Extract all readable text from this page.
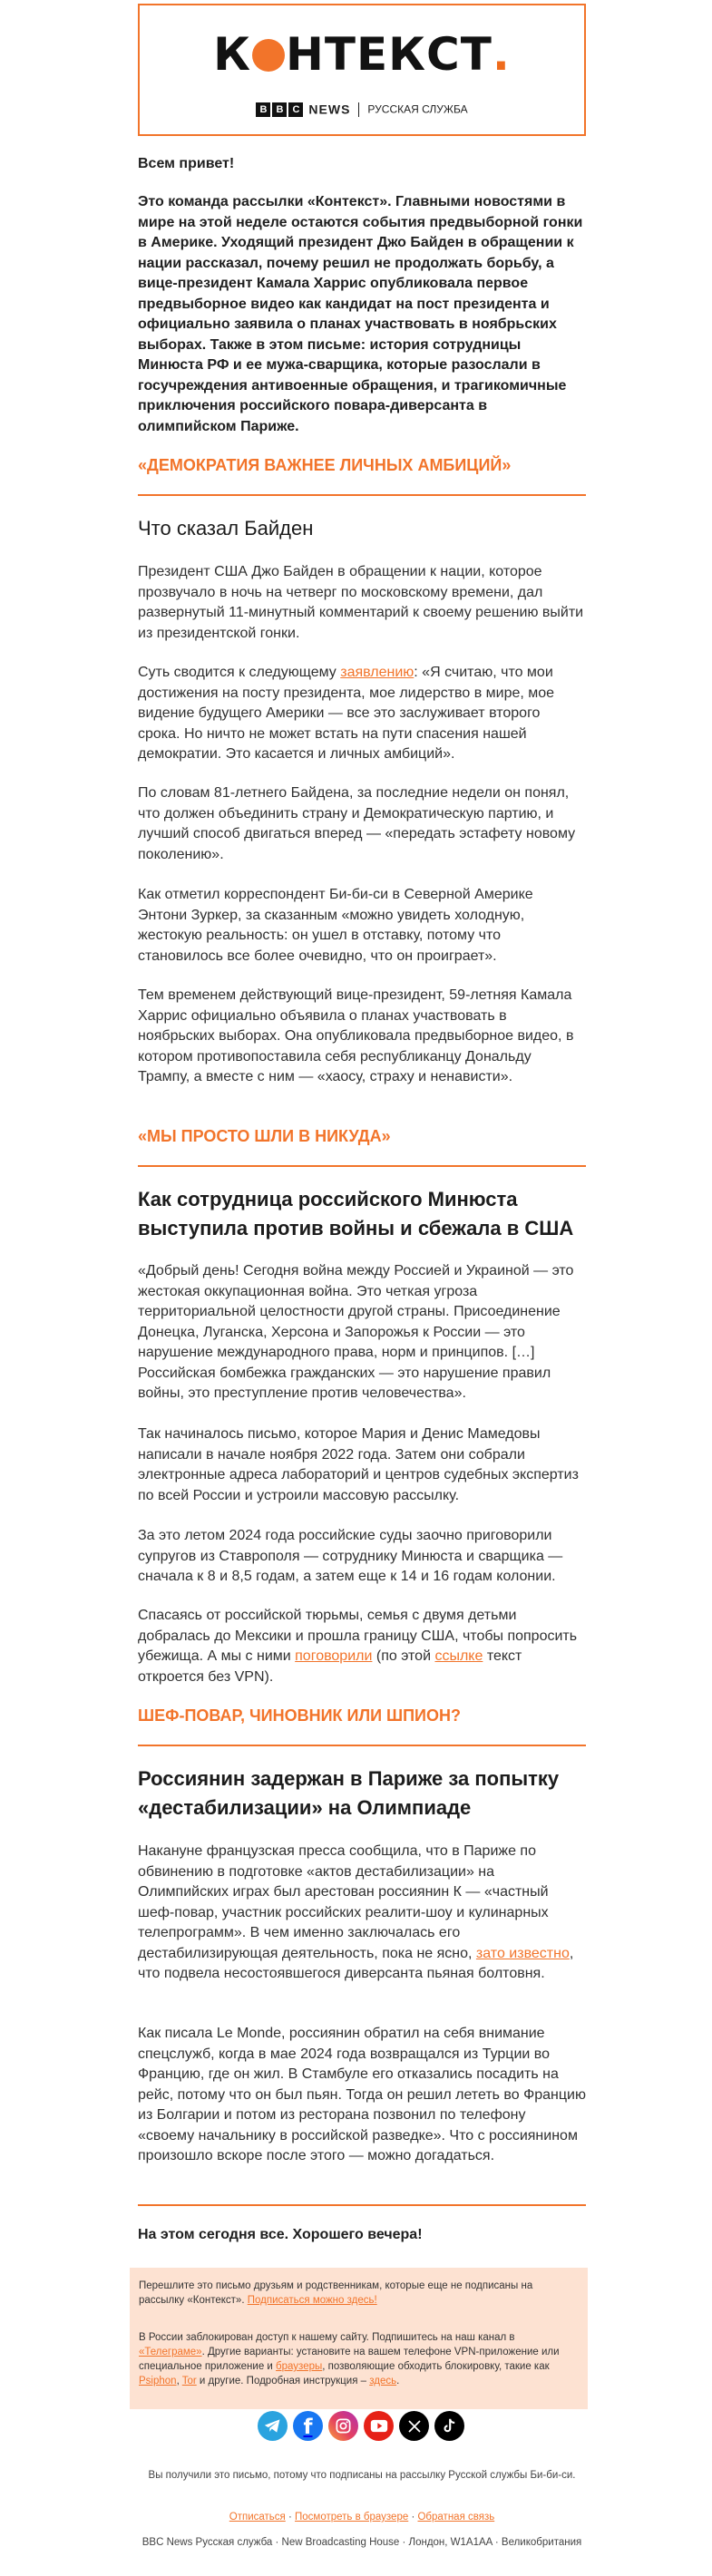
К НТЕКСТ.
B B C NEWS РУССКАЯ СЛУЖБА

Всем привет!

Это команда рассылки «Контекст». Главными новостями в мире на этой неделе остаются события предвыборной гонки в Америке. Уходящий президент Джо Байден в обращении к нации рассказал, почему решил не продолжать борьбу, а вице-президент Камала Харрис опубликовала первое предвыборное видео как кандидат на пост президента и официально заявила о планах участвовать в ноябрьских выборах. Также в этом письме: история сотрудницы Минюста РФ и ее мужа-сварщика, которые разослали в госучреждения антивоенные обращения, и трагикомичные приключения российского повара-диверсанта в олимпийском Париже.

«ДЕМОКРАТИЯ ВАЖНЕЕ ЛИЧНЫХ АМБИЦИЙ»

Что сказал Байден

Президент США Джо Байден в обращении к нации, которое прозвучало в ночь на четверг по московскому времени, дал развернутый 11-минутный комментарий к своему решению выйти из президентской гонки.

Суть сводится к следующему заявлению: «Я считаю, что мои достижения на посту президента, мое лидерство в мире, мое видение будущего Америки — все это заслуживает второго срока. Но ничто не может встать на пути спасения нашей демократии. Это касается и личных амбиций».

По словам 81-летнего Байдена, за последние недели он понял, что должен объединить страну и Демократическую партию, и лучший способ двигаться вперед — «передать эстафету новому поколению».

Как отметил корреспондент Би-би-си в Северной Америке Энтони Зуркер, за сказанным «можно увидеть холодную, жестокую реальность: он ушел в отставку, потому что становилось все более очевидно, что он проиграет».

Тем временем действующий вице-президент, 59-летняя Камала Харрис официально объявила о планах участвовать в ноябрьских выборах. Она опубликовала предвыборное видео, в котором противопоставила себя республиканцу Дональду Трампу, а вместе с ним — «хаосу, страху и ненависти».

«МЫ ПРОСТО ШЛИ В НИКУДА»

Как сотрудница российского Минюста выступила против войны и сбежала в США

«Добрый день! Сегодня война между Россией и Украиной — это жестокая оккупационная война. Это четкая угроза территориальной целостности другой страны. Присоединение Донецка, Луганска, Херсона и Запорожья к России — это нарушение международного права, норм и принципов. […] Российская бомбежка гражданских — это нарушение правил войны, это преступление против человечества».

Так начиналось письмо, которое Мария и Денис Мамедовы написали в начале ноября 2022 года. Затем они собрали электронные адреса лабораторий и центров судебных экспертиз по всей России и устроили массовую рассылку.

За это летом 2024 года российские суды заочно приговорили супругов из Ставрополя — сотруднику Минюста и сварщика — сначала к 8 и 8,5 годам, а затем еще к 14 и 16 годам колонии.

Спасаясь от российской тюрьмы, семья с двумя детьми добралась до Мексики и прошла границу США, чтобы попросить убежища. А мы с ними поговорили (по этой ссылке текст откроется без VPN).

ШЕФ-ПОВАР, ЧИНОВНИК ИЛИ ШПИОН?

Россиянин задержан в Париже за попытку «дестабилизации» на Олимпиаде

Накануне французская пресса сообщила, что в Париже по обвинению в подготовке «актов дестабилизации» на Олимпийских играх был арестован россиянин К — «частный шеф-повар, участник российских реалити-шоу и кулинарных телепрограмм». В чем именно заключалась его дестабилизирующая деятельность, пока не ясно, зато известно, что подвела несостоявшегося диверсанта пьяная болтовня.

Как писала Le Monde, россиянин обратил на себя внимание спецслужб, когда в мае 2024 года возвращался из Турции во Францию, где он жил. В Стамбуле его отказались посадить на рейс, потому что он был пьян. Тогда он решил лететь во Францию из Болгарии и потом из ресторана позвонил по телефону «своему начальнику в российской разведке». Что с россиянином произошло вскоре после этого — можно догадаться.

На этом сегодня все. Хорошего вечера!

Перешлите это письмо друзьям и родственникам, которые еще не подписаны на рассылку «Контекст». Подписаться можно здесь!

В России заблокирован доступ к нашему сайту. Подпишитесь на наш канал в «Телеграме». Другие варианты: установите на вашем телефоне VPN-приложение или специальное приложение и браузеры, позволяющие обходить блокировку, такие как Psiphon, Tor и другие. Подробная инструкция – здесь.

f

Вы получили это письмо, потому что подписаны на рассылку Русской службы Би-би-си.

Отписаться · Посмотреть в браузере · Обратная связь

BBC News Русская служба · New Broadcasting House · Лондон, W1A1AA · Великобритания
